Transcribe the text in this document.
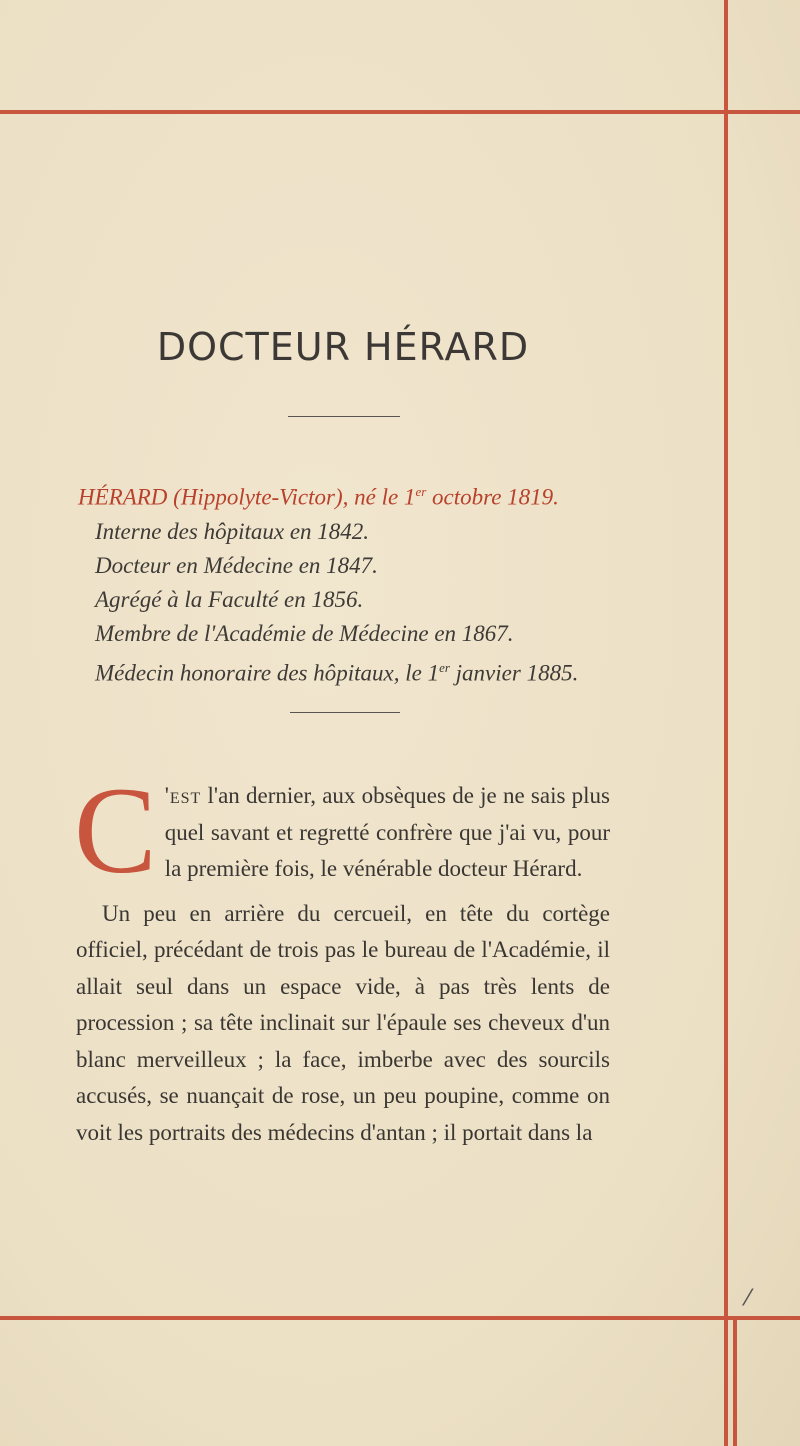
DOCTEUR HÉRARD
HÉRARD (Hippolyte-Victor), né le 1er octobre 1819.
Interne des hôpitaux en 1842.
Docteur en Médecine en 1847.
Agrégé à la Faculté en 1856.
Membre de l'Académie de Médecine en 1867.
Médecin honoraire des hôpitaux, le 1er janvier 1885.

C 'est l'an dernier, aux obsèques de je ne sais plus quel savant et regretté confrère que j'ai vu, pour la première fois, le vénérable docteur Hérard.

Un peu en arrière du cercueil, en tête du cortège officiel, précédant de trois pas le bureau de l'Académie, il allait seul dans un espace vide, à pas très lents de procession ; sa tête inclinait sur l'épaule ses cheveux d'un blanc merveilleux ; la face, imberbe avec des sourcils accusés, se nuançait de rose, un peu poupine, comme on voit les portraits des médecins d'antan ; il portait dans la

⁄
